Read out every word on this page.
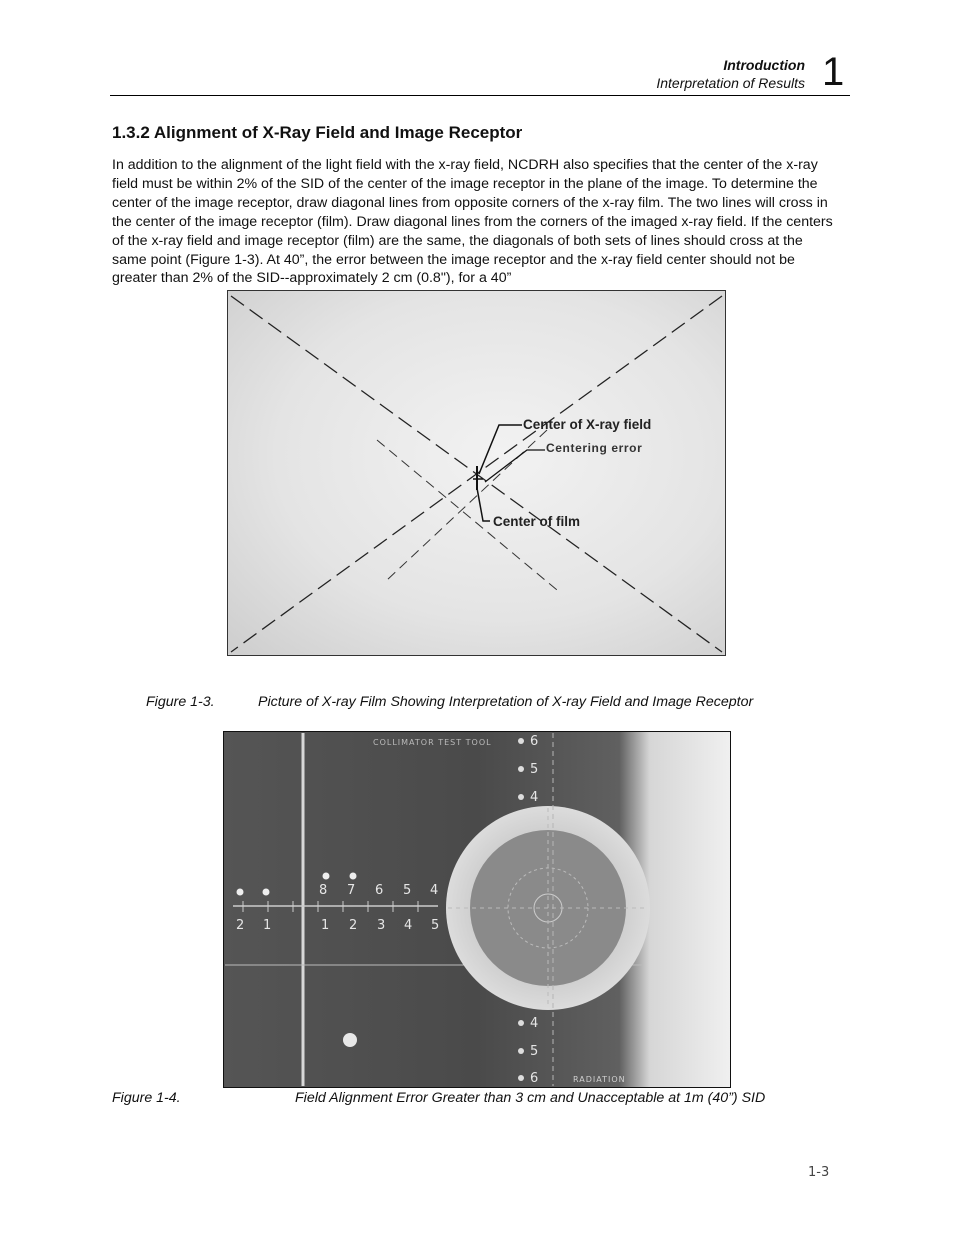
Introduction
Interpretation of Results 1
1.3.2 Alignment of X-Ray Field and Image Receptor

In addition to the alignment of the light field with the x-ray field, NCDRH also specifies that the center of the x-ray field must be within 2% of the SID of the center of the image receptor in the plane of the image. To determine the center of the image receptor, draw diagonal lines from opposite corners of the x-ray film. The two lines will cross in the center of the image receptor (film). Draw diagonal lines from the corners of the imaged x-ray field. If the centers of the x-ray field and image receptor (film) are the same, the diagonals of both sets of lines should cross at the same point (Figure 1-3). At 40”, the error between the image receptor and the x-ray field center should not be greater than 2% of the SID--approximately 2 cm (0.8"), for a 40”

Center of X-ray field
Centering error
Center of film
Figure 1-3.	Picture of X-ray Film Showing Interpretation of X-ray Field and Image Receptor
8 7 6 5 4
2 1	1 2 3 4 5
6
5
4
4
5
6
COLLIMATOR TEST TOOL
RADIATION
Figure 1-4.	Field Alignment Error Greater than 3 cm and Unacceptable at 1m (40”) SID
1-3
